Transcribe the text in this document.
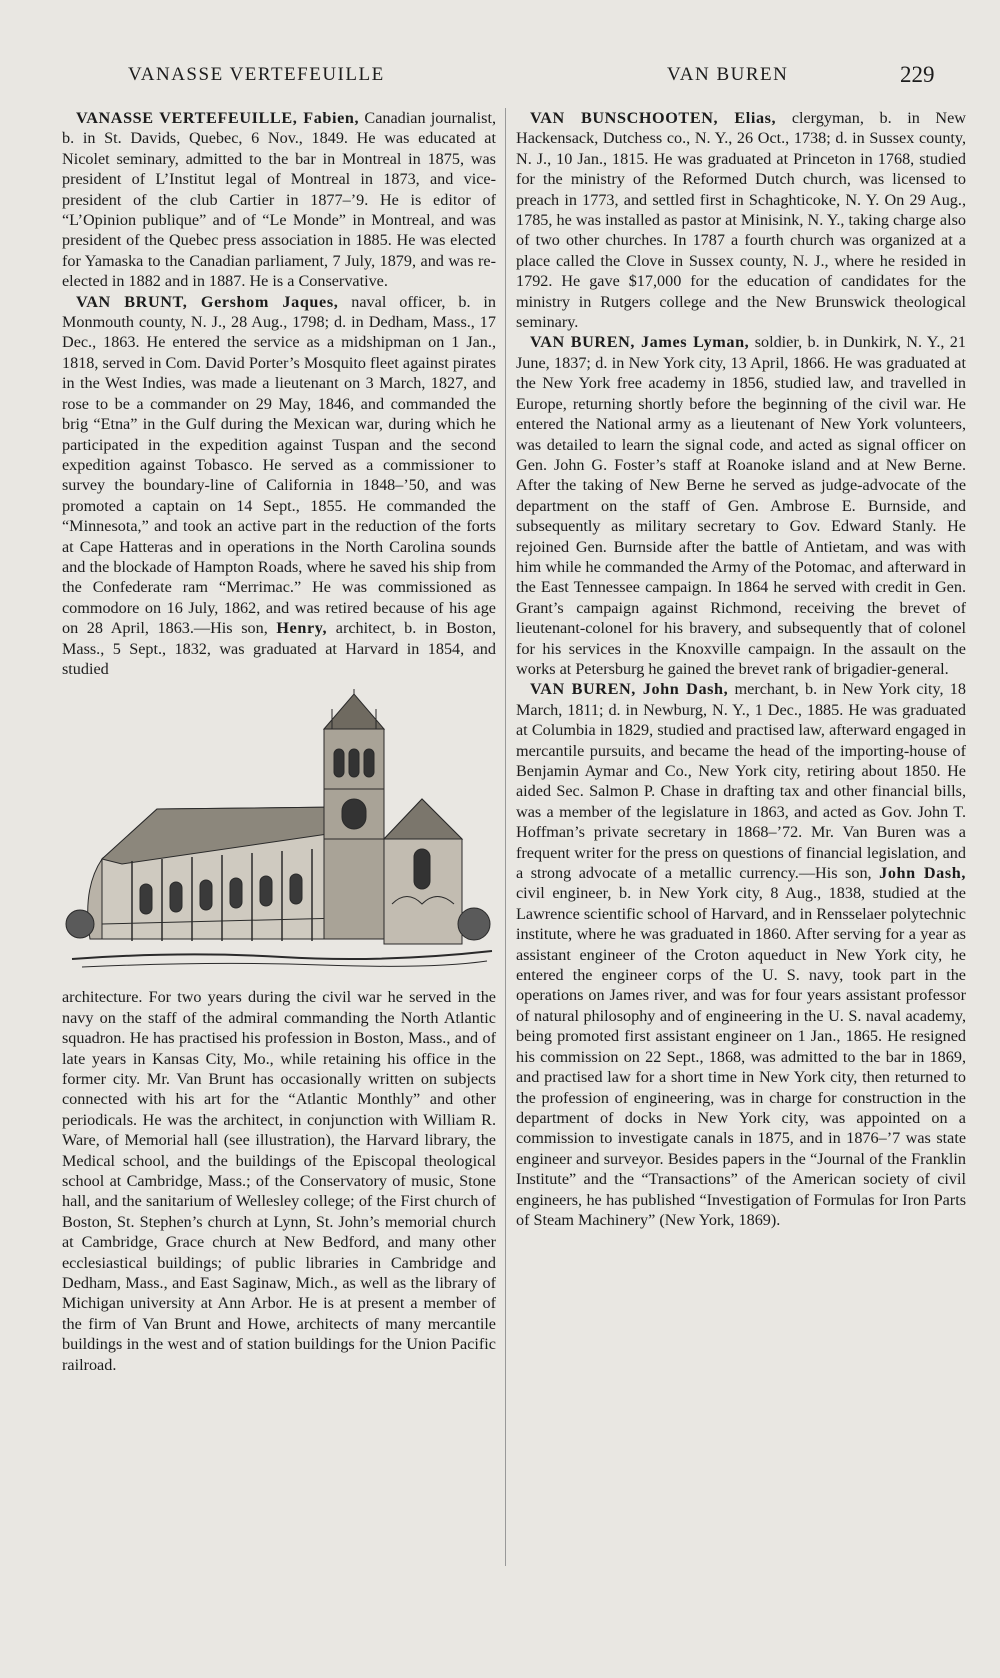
VANASSE VERTEFEUILLE	VAN BUREN	229

VANASSE VERTEFEUILLE, Fabien, Canadian journalist, b. in St. Davids, Quebec, 6 Nov., 1849. He was educated at Nicolet seminary, admitted to the bar in Montreal in 1875, was president of L’Institut legal of Montreal in 1873, and vice-president of the club Cartier in 1877–’9. He is editor of “L’Opinion publique” and of “Le Monde” in Montreal, and was president of the Quebec press association in 1885. He was elected for Yamaska to the Canadian parliament, 7 July, 1879, and was re-elected in 1882 and in 1887. He is a Conservative.

VAN BRUNT, Gershom Jaques, naval officer, b. in Monmouth county, N. J., 28 Aug., 1798; d. in Dedham, Mass., 17 Dec., 1863. He entered the service as a midshipman on 1 Jan., 1818, served in Com. David Porter’s Mosquito fleet against pirates in the West Indies, was made a lieutenant on 3 March, 1827, and rose to be a commander on 29 May, 1846, and commanded the brig “Etna” in the Gulf during the Mexican war, during which he participated in the expedition against Tuspan and the second expedition against Tobasco. He served as a commissioner to survey the boundary-line of California in 1848–’50, and was promoted a captain on 14 Sept., 1855. He commanded the “Minnesota,” and took an active part in the reduction of the forts at Cape Hatteras and in operations in the North Carolina sounds and the blockade of Hampton Roads, where he saved his ship from the Confederate ram “Merrimac.” He was commissioned as commodore on 16 July, 1862, and was retired because of his age on 28 April, 1863.—His son, Henry, architect, b. in Boston, Mass., 5 Sept., 1832, was graduated at Harvard in 1854, and studied

architecture. For two years during the civil war he served in the navy on the staff of the admiral commanding the North Atlantic squadron. He has practised his profession in Boston, Mass., and of late years in Kansas City, Mo., while retaining his office in the former city. Mr. Van Brunt has occasionally written on subjects connected with his art for the “Atlantic Monthly” and other periodicals. He was the architect, in conjunction with William R. Ware, of Memorial hall (see illustration), the Harvard library, the Medical school, and the buildings of the Episcopal theological school at Cambridge, Mass.; of the Conservatory of music, Stone hall, and the sanitarium of Wellesley college; of the First church of Boston, St. Stephen’s church at Lynn, St. John’s memorial church at Cambridge, Grace church at New Bedford, and many other ecclesiastical buildings; of public libraries in Cambridge and Dedham, Mass., and East Saginaw, Mich., as well as the library of Michigan university at Ann Arbor. He is at present a member of the firm of Van Brunt and Howe, architects of many mercantile buildings in the west and of station buildings for the Union Pacific railroad.

VAN BUNSCHOOTEN, Elias, clergyman, b. in New Hackensack, Dutchess co., N. Y., 26 Oct., 1738; d. in Sussex county, N. J., 10 Jan., 1815. He was graduated at Princeton in 1768, studied for the ministry of the Reformed Dutch church, was licensed to preach in 1773, and settled first in Schaghticoke, N. Y. On 29 Aug., 1785, he was installed as pastor at Minisink, N. Y., taking charge also of two other churches. In 1787 a fourth church was organized at a place called the Clove in Sussex county, N. J., where he resided in 1792. He gave $17,000 for the education of candidates for the ministry in Rutgers college and the New Brunswick theological seminary.

VAN BUREN, James Lyman, soldier, b. in Dunkirk, N. Y., 21 June, 1837; d. in New York city, 13 April, 1866. He was graduated at the New York free academy in 1856, studied law, and travelled in Europe, returning shortly before the beginning of the civil war. He entered the National army as a lieutenant of New York volunteers, was detailed to learn the signal code, and acted as signal officer on Gen. John G. Foster’s staff at Roanoke island and at New Berne. After the taking of New Berne he served as judge-advocate of the department on the staff of Gen. Ambrose E. Burnside, and subsequently as military secretary to Gov. Edward Stanly. He rejoined Gen. Burnside after the battle of Antietam, and was with him while he commanded the Army of the Potomac, and afterward in the East Tennessee campaign. In 1864 he served with credit in Gen. Grant’s campaign against Richmond, receiving the brevet of lieutenant-colonel for his bravery, and subsequently that of colonel for his services in the Knoxville campaign. In the assault on the works at Petersburg he gained the brevet rank of brigadier-general.

VAN BUREN, John Dash, merchant, b. in New York city, 18 March, 1811; d. in Newburg, N. Y., 1 Dec., 1885. He was graduated at Columbia in 1829, studied and practised law, afterward engaged in mercantile pursuits, and became the head of the importing-house of Benjamin Aymar and Co., New York city, retiring about 1850. He aided Sec. Salmon P. Chase in drafting tax and other financial bills, was a member of the legislature in 1863, and acted as Gov. John T. Hoffman’s private secretary in 1868–’72. Mr. Van Buren was a frequent writer for the press on questions of financial legislation, and a strong advocate of a metallic currency.—His son, John Dash, civil engineer, b. in New York city, 8 Aug., 1838, studied at the Lawrence scientific school of Harvard, and in Rensselaer polytechnic institute, where he was graduated in 1860. After serving for a year as assistant engineer of the Croton aqueduct in New York city, he entered the engineer corps of the U. S. navy, took part in the operations on James river, and was for four years assistant professor of natural philosophy and of engineering in the U. S. naval academy, being promoted first assistant engineer on 1 Jan., 1865. He resigned his commission on 22 Sept., 1868, was admitted to the bar in 1869, and practised law for a short time in New York city, then returned to the profession of engineering, was in charge for construction in the department of docks in New York city, was appointed on a commission to investigate canals in 1875, and in 1876–’7 was state engineer and surveyor. Besides papers in the “Journal of the Franklin Institute” and the “Transactions” of the American society of civil engineers, he has published “Investigation of Formulas for Iron Parts of Steam Machinery” (New York, 1869).
